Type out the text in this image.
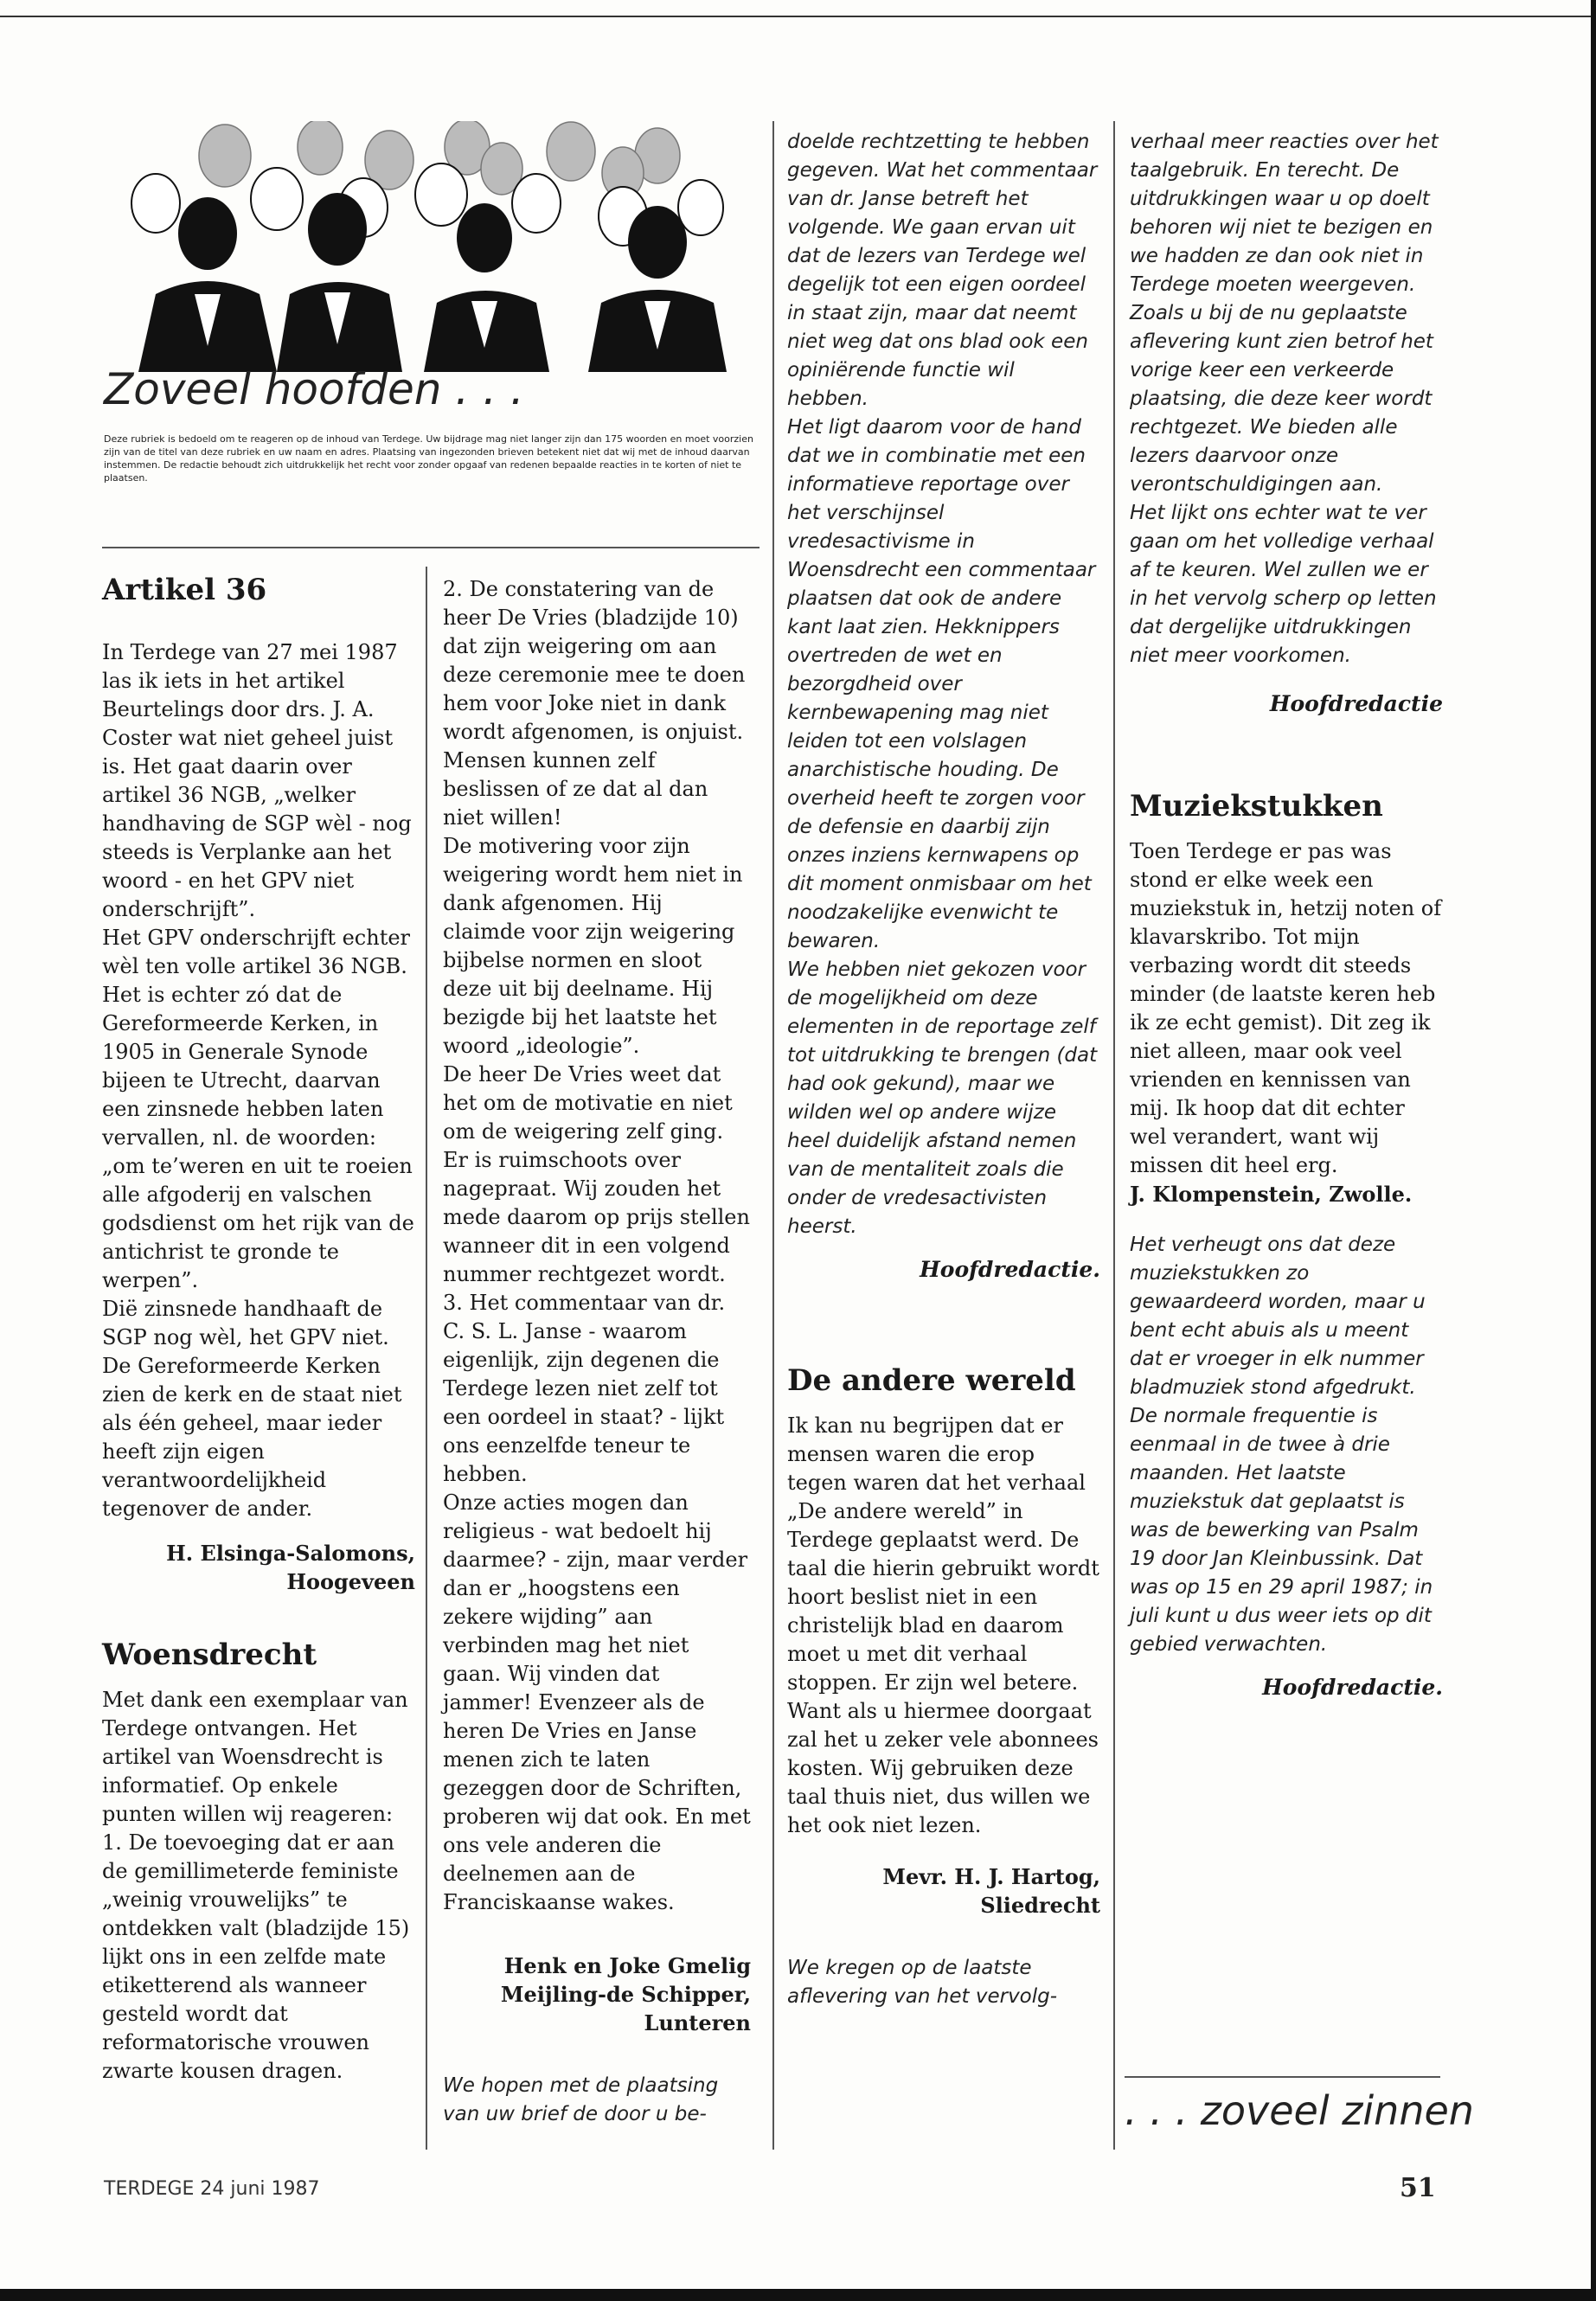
Zoveel hoofden . . .
Deze rubriek is bedoeld om te reageren op de inhoud van Terdege. Uw bijdrage mag niet langer zijn dan 175 woorden en moet voorzien zijn van de titel van deze rubriek en uw naam en adres. Plaatsing van ingezonden brieven betekent niet dat wij met de inhoud daarvan instemmen. De redactie behoudt zich uitdrukkelijk het recht voor zonder opgaaf van redenen bepaalde reacties in te korten of niet te plaatsen.
Artikel 36

In Terdege van 27 mei 1987 las ik iets in het artikel Beurtelings door drs. J. A. Coster wat niet geheel juist is. Het gaat daarin over artikel 36 NGB, „welker handhaving de SGP wèl - nog steeds is Verplanke aan het woord - en het GPV niet onderschrijft”.

Het GPV onderschrijft echter wèl ten volle artikel 36 NGB. Het is echter zó dat de Gereformeerde Kerken, in 1905 in Generale Synode bijeen te Utrecht, daarvan een zinsnede hebben laten vervallen, nl. de woorden: „om te’weren en uit te roeien alle afgoderij en valschen godsdienst om het rijk van de antichrist te gronde te werpen”.

Dië zinsnede handhaaft de SGP nog wèl, het GPV niet. De Gereformeerde Kerken zien de kerk en de staat niet als één geheel, maar ieder heeft zijn eigen verantwoordelijkheid tegenover de ander.

H. Elsinga-Salomons,
Hoogeveen
Woensdrecht

Met dank een exemplaar van Terdege ontvangen. Het artikel van Woensdrecht is informatief. Op enkele punten willen wij reageren:

1. De toevoeging dat er aan de gemillimeterde feministe „weinig vrouwelijks” te ontdekken valt (bladzijde 15) lijkt ons in een zelfde mate etiketterend als wanneer gesteld wordt dat reformatorische vrouwen zwarte kousen dragen.

2. De constatering van de heer De Vries (bladzijde 10) dat zijn weigering om aan deze ceremonie mee te doen hem voor Joke niet in dank wordt afgenomen, is onjuist. Mensen kunnen zelf beslissen of ze dat al dan niet willen!

De motivering voor zijn weigering wordt hem niet in dank afgenomen. Hij claimde voor zijn weigering bijbelse normen en sloot deze uit bij deelname. Hij bezigde bij het laatste het woord „ideologie”.

De heer De Vries weet dat het om de motivatie en niet om de weigering zelf ging. Er is ruimschoots over nagepraat. Wij zouden het mede daarom op prijs stellen wanneer dit in een volgend nummer rechtgezet wordt.

3. Het commentaar van dr. C. S. L. Janse - waarom eigenlijk, zijn degenen die Terdege lezen niet zelf tot een oordeel in staat? - lijkt ons eenzelfde teneur te hebben.

Onze acties mogen dan religieus - wat bedoelt hij daarmee? - zijn, maar verder dan er „hoogstens een zekere wijding” aan verbinden mag het niet gaan. Wij vinden dat jammer! Evenzeer als de heren De Vries en Janse menen zich te laten gezeggen door de Schriften, proberen wij dat ook. En met ons vele anderen die deelnemen aan de Franciskaanse wakes.

Henk en Joke Gmelig
Meijling-de Schipper,
Lunteren

We hopen met de plaatsing van uw brief de door u be-

doelde rechtzetting te hebben gegeven. Wat het commentaar van dr. Janse betreft het volgende. We gaan ervan uit dat de lezers van Terdege wel degelijk tot een eigen oordeel in staat zijn, maar dat neemt niet weg dat ons blad ook een opiniërende functie wil hebben.

Het ligt daarom voor de hand dat we in combinatie met een informatieve reportage over het verschijnsel vredesactivisme in Woensdrecht een commentaar plaatsen dat ook de andere kant laat zien. Hekknippers overtreden de wet en bezorgdheid over kernbewapening mag niet leiden tot een volslagen anarchistische houding. De overheid heeft te zorgen voor de defensie en daarbij zijn onzes inziens kernwapens op dit moment onmisbaar om het noodzakelijke evenwicht te bewaren.

We hebben niet gekozen voor de mogelijkheid om deze elementen in de reportage zelf tot uitdrukking te brengen (dat had ook gekund), maar we wilden wel op andere wijze heel duidelijk afstand nemen van de mentaliteit zoals die onder de vredesactivisten heerst.

Hoofdredactie.
De andere wereld

Ik kan nu begrijpen dat er mensen waren die erop tegen waren dat het verhaal „De andere wereld” in Terdege geplaatst werd. De taal die hierin gebruikt wordt hoort beslist niet in een christelijk blad en daarom moet u met dit verhaal stoppen. Er zijn wel betere. Want als u hiermee doorgaat zal het u zeker vele abonnees kosten. Wij gebruiken deze taal thuis niet, dus willen we het ook niet lezen.

Mevr. H. J. Hartog,
Sliedrecht

We kregen op de laatste aflevering van het vervolg-

verhaal meer reacties over het taalgebruik. En terecht. De uitdrukkingen waar u op doelt behoren wij niet te bezigen en we hadden ze dan ook niet in Terdege moeten weergeven. Zoals u bij de nu geplaatste aflevering kunt zien betrof het vorige keer een verkeerde plaatsing, die deze keer wordt rechtgezet. We bieden alle lezers daarvoor onze verontschuldigingen aan.

Het lijkt ons echter wat te ver gaan om het volledige verhaal af te keuren. Wel zullen we er in het vervolg scherp op letten dat dergelijke uitdrukkingen niet meer voorkomen.

Hoofdredactie
Muziekstukken

Toen Terdege er pas was stond er elke week een muziekstuk in, hetzij noten of klavarskribo. Tot mijn verbazing wordt dit steeds minder (de laatste keren heb ik ze echt gemist). Dit zeg ik niet alleen, maar ook veel vrienden en kennissen van mij. Ik hoop dat dit echter wel verandert, want wij missen dit heel erg.

J. Klompenstein, Zwolle.

Het verheugt ons dat deze muziekstukken zo gewaardeerd worden, maar u bent echt abuis als u meent dat er vroeger in elk nummer bladmuziek stond afgedrukt. De normale frequentie is eenmaal in de twee à drie maanden. Het laatste muziekstuk dat geplaatst is was de bewerking van Psalm 19 door Jan Kleinbussink. Dat was op 15 en 29 april 1987; in juli kunt u dus weer iets op dit gebied verwachten.

Hoofdredactie.
. . . zoveel zinnen
TERDEGE 24 juni 1987	51
